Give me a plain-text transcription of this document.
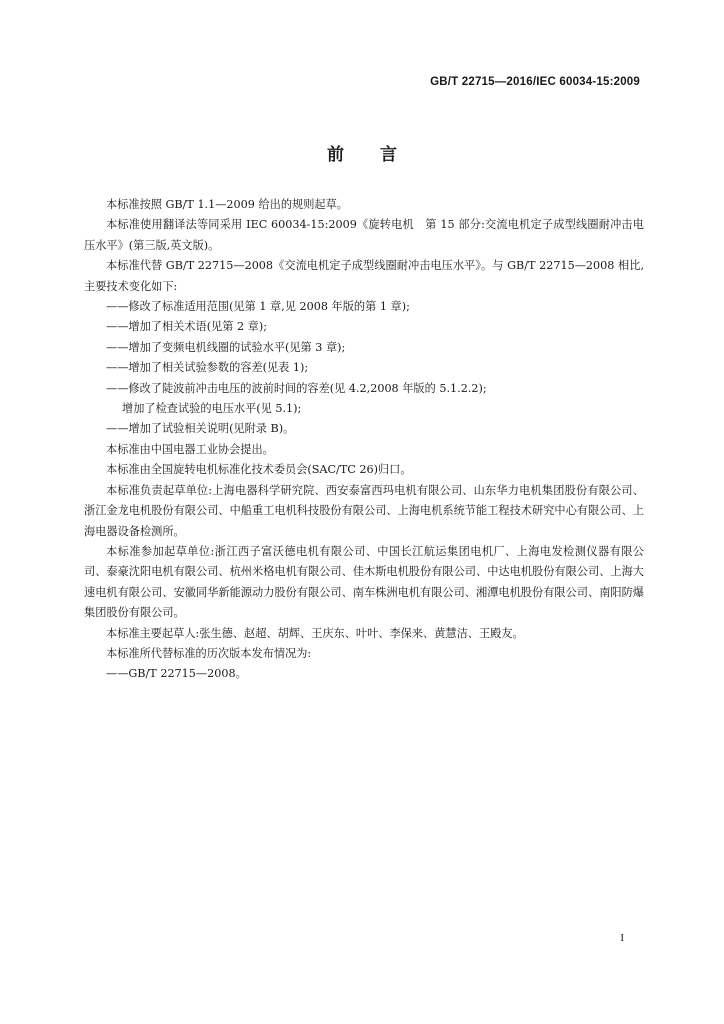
GB/T 22715—2016/IEC 60034-15:2009
前言

本标准按照 GB/T 1.1—2009 给出的规则起草。

本标准使用翻译法等同采用 IEC 60034-15:2009《旋转电机　第 15 部分:交流电机定子成型线圈耐冲击电压水平》(第三版,英文版)。

本标准代替 GB/T 22715—2008《交流电机定子成型线圈耐冲击电压水平》。与 GB/T 22715—2008 相比,主要技术变化如下:

——修改了标准适用范围(见第 1 章,见 2008 年版的第 1 章);

——增加了相关术语(见第 2 章);

——增加了变频电机线圈的试验水平(见第 3 章);

——增加了相关试验参数的容差(见表 1);

——修改了陡波前冲击电压的波前时间的容差(见 4.2,2008 年版的 5.1.2.2);

增加了检查试验的电压水平(见 5.1);

——增加了试验相关说明(见附录 B)。

本标准由中国电器工业协会提出。

本标准由全国旋转电机标准化技术委员会(SAC/TC 26)归口。

本标准负责起草单位:上海电器科学研究院、西安泰富西玛电机有限公司、山东华力电机集团股份有限公司、浙江金龙电机股份有限公司、中船重工电机科技股份有限公司、上海电机系统节能工程技术研究中心有限公司、上海电器设备检测所。

本标准参加起草单位:浙江西子富沃德电机有限公司、中国长江航运集团电机厂、上海电发检测仪器有限公司、泰豪沈阳电机有限公司、杭州米格电机有限公司、佳木斯电机股份有限公司、中达电机股份有限公司、上海大速电机有限公司、安徽同华新能源动力股份有限公司、南车株洲电机有限公司、湘潭电机股份有限公司、南阳防爆集团股份有限公司。

本标准主要起草人:张生德、赵超、胡辉、王庆东、叶叶、李保来、黄慧洁、王殿友。

本标准所代替标准的历次版本发布情况为:

——GB/T 22715—2008。

I
